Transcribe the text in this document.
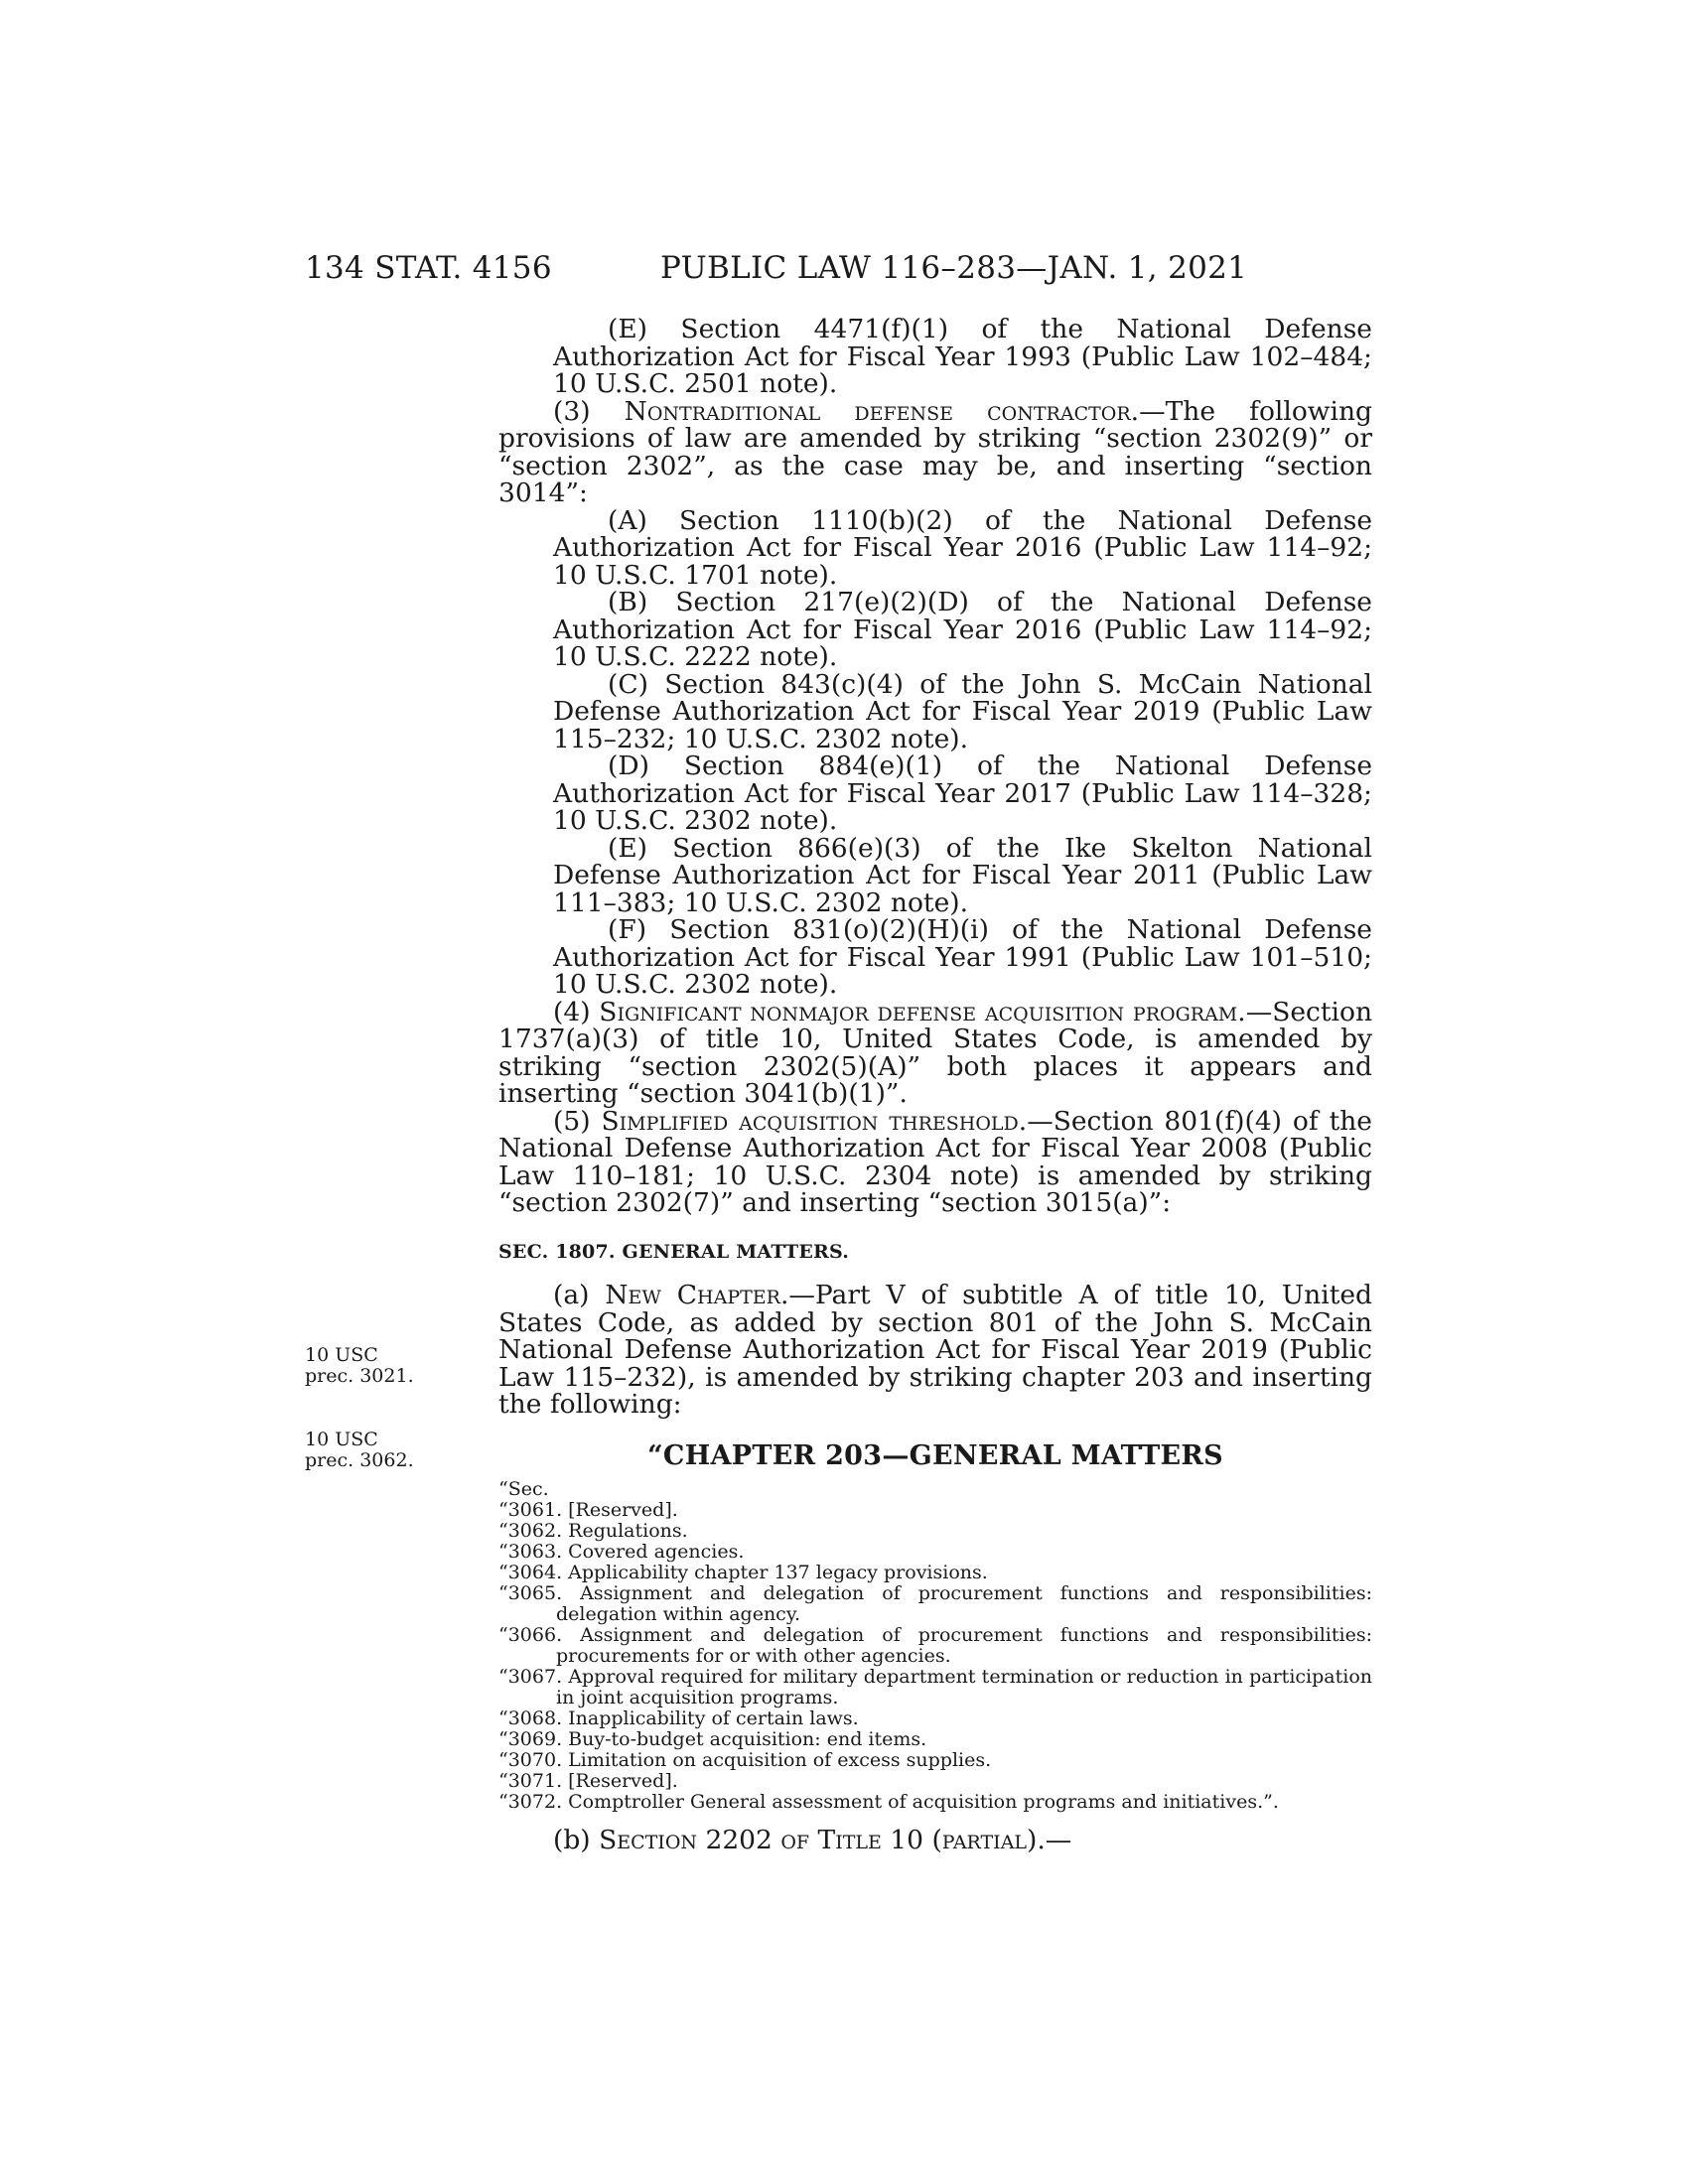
134 STAT. 4156	PUBLIC LAW 116–283—JAN. 1, 2021
10 USC prec. 3021.
10 USC prec. 3062.

(E) Section 4471(f)(1) of the National Defense Authorization Act for Fiscal Year 1993 (Public Law 102–484; 10 U.S.C. 2501 note).

(3) Nontraditional defense contractor.—The following provisions of law are amended by striking “section 2302(9)” or “section 2302”, as the case may be, and inserting “section 3014”:

(A) Section 1110(b)(2) of the National Defense Authorization Act for Fiscal Year 2016 (Public Law 114–92; 10 U.S.C. 1701 note).

(B) Section 217(e)(2)(D) of the National Defense Authorization Act for Fiscal Year 2016 (Public Law 114–92; 10 U.S.C. 2222 note).

(C) Section 843(c)(4) of the John S. McCain National Defense Authorization Act for Fiscal Year 2019 (Public Law 115–232; 10 U.S.C. 2302 note).

(D) Section 884(e)(1) of the National Defense Authorization Act for Fiscal Year 2017 (Public Law 114–328; 10 U.S.C. 2302 note).

(E) Section 866(e)(3) of the Ike Skelton National Defense Authorization Act for Fiscal Year 2011 (Public Law 111–383; 10 U.S.C. 2302 note).

(F) Section 831(o)(2)(H)(i) of the National Defense Authorization Act for Fiscal Year 1991 (Public Law 101–510; 10 U.S.C. 2302 note).

(4) Significant nonmajor defense acquisition program.—Section 1737(a)(3) of title 10, United States Code, is amended by striking “section 2302(5)(A)” both places it appears and inserting “section 3041(b)(1)”.

(5) Simplified acquisition threshold.—Section 801(f)(4) of the National Defense Authorization Act for Fiscal Year 2008 (Public Law 110–181; 10 U.S.C. 2304 note) is amended by striking “section 2302(7)” and inserting “section 3015(a)”:

SEC. 1807. GENERAL MATTERS.

(a) New Chapter.—Part V of subtitle A of title 10, United States Code, as added by section 801 of the John S. McCain National Defense Authorization Act for Fiscal Year 2019 (Public Law 115–232), is amended by striking chapter 203 and inserting the following:

“CHAPTER 203—GENERAL MATTERS

“Sec.

“3061. [Reserved].

“3062. Regulations.

“3063. Covered agencies.

“3064. Applicability chapter 137 legacy provisions.

“3065. Assignment and delegation of procurement functions and responsibilities: delegation within agency.

“3066. Assignment and delegation of procurement functions and responsibilities: procurements for or with other agencies.

“3067. Approval required for military department termination or reduction in participation in joint acquisition programs.

“3068. Inapplicability of certain laws.

“3069. Buy-to-budget acquisition: end items.

“3070. Limitation on acquisition of excess supplies.

“3071. [Reserved].

“3072. Comptroller General assessment of acquisition programs and initiatives.”.

(b) Section 2202 of Title 10 (partial).—
